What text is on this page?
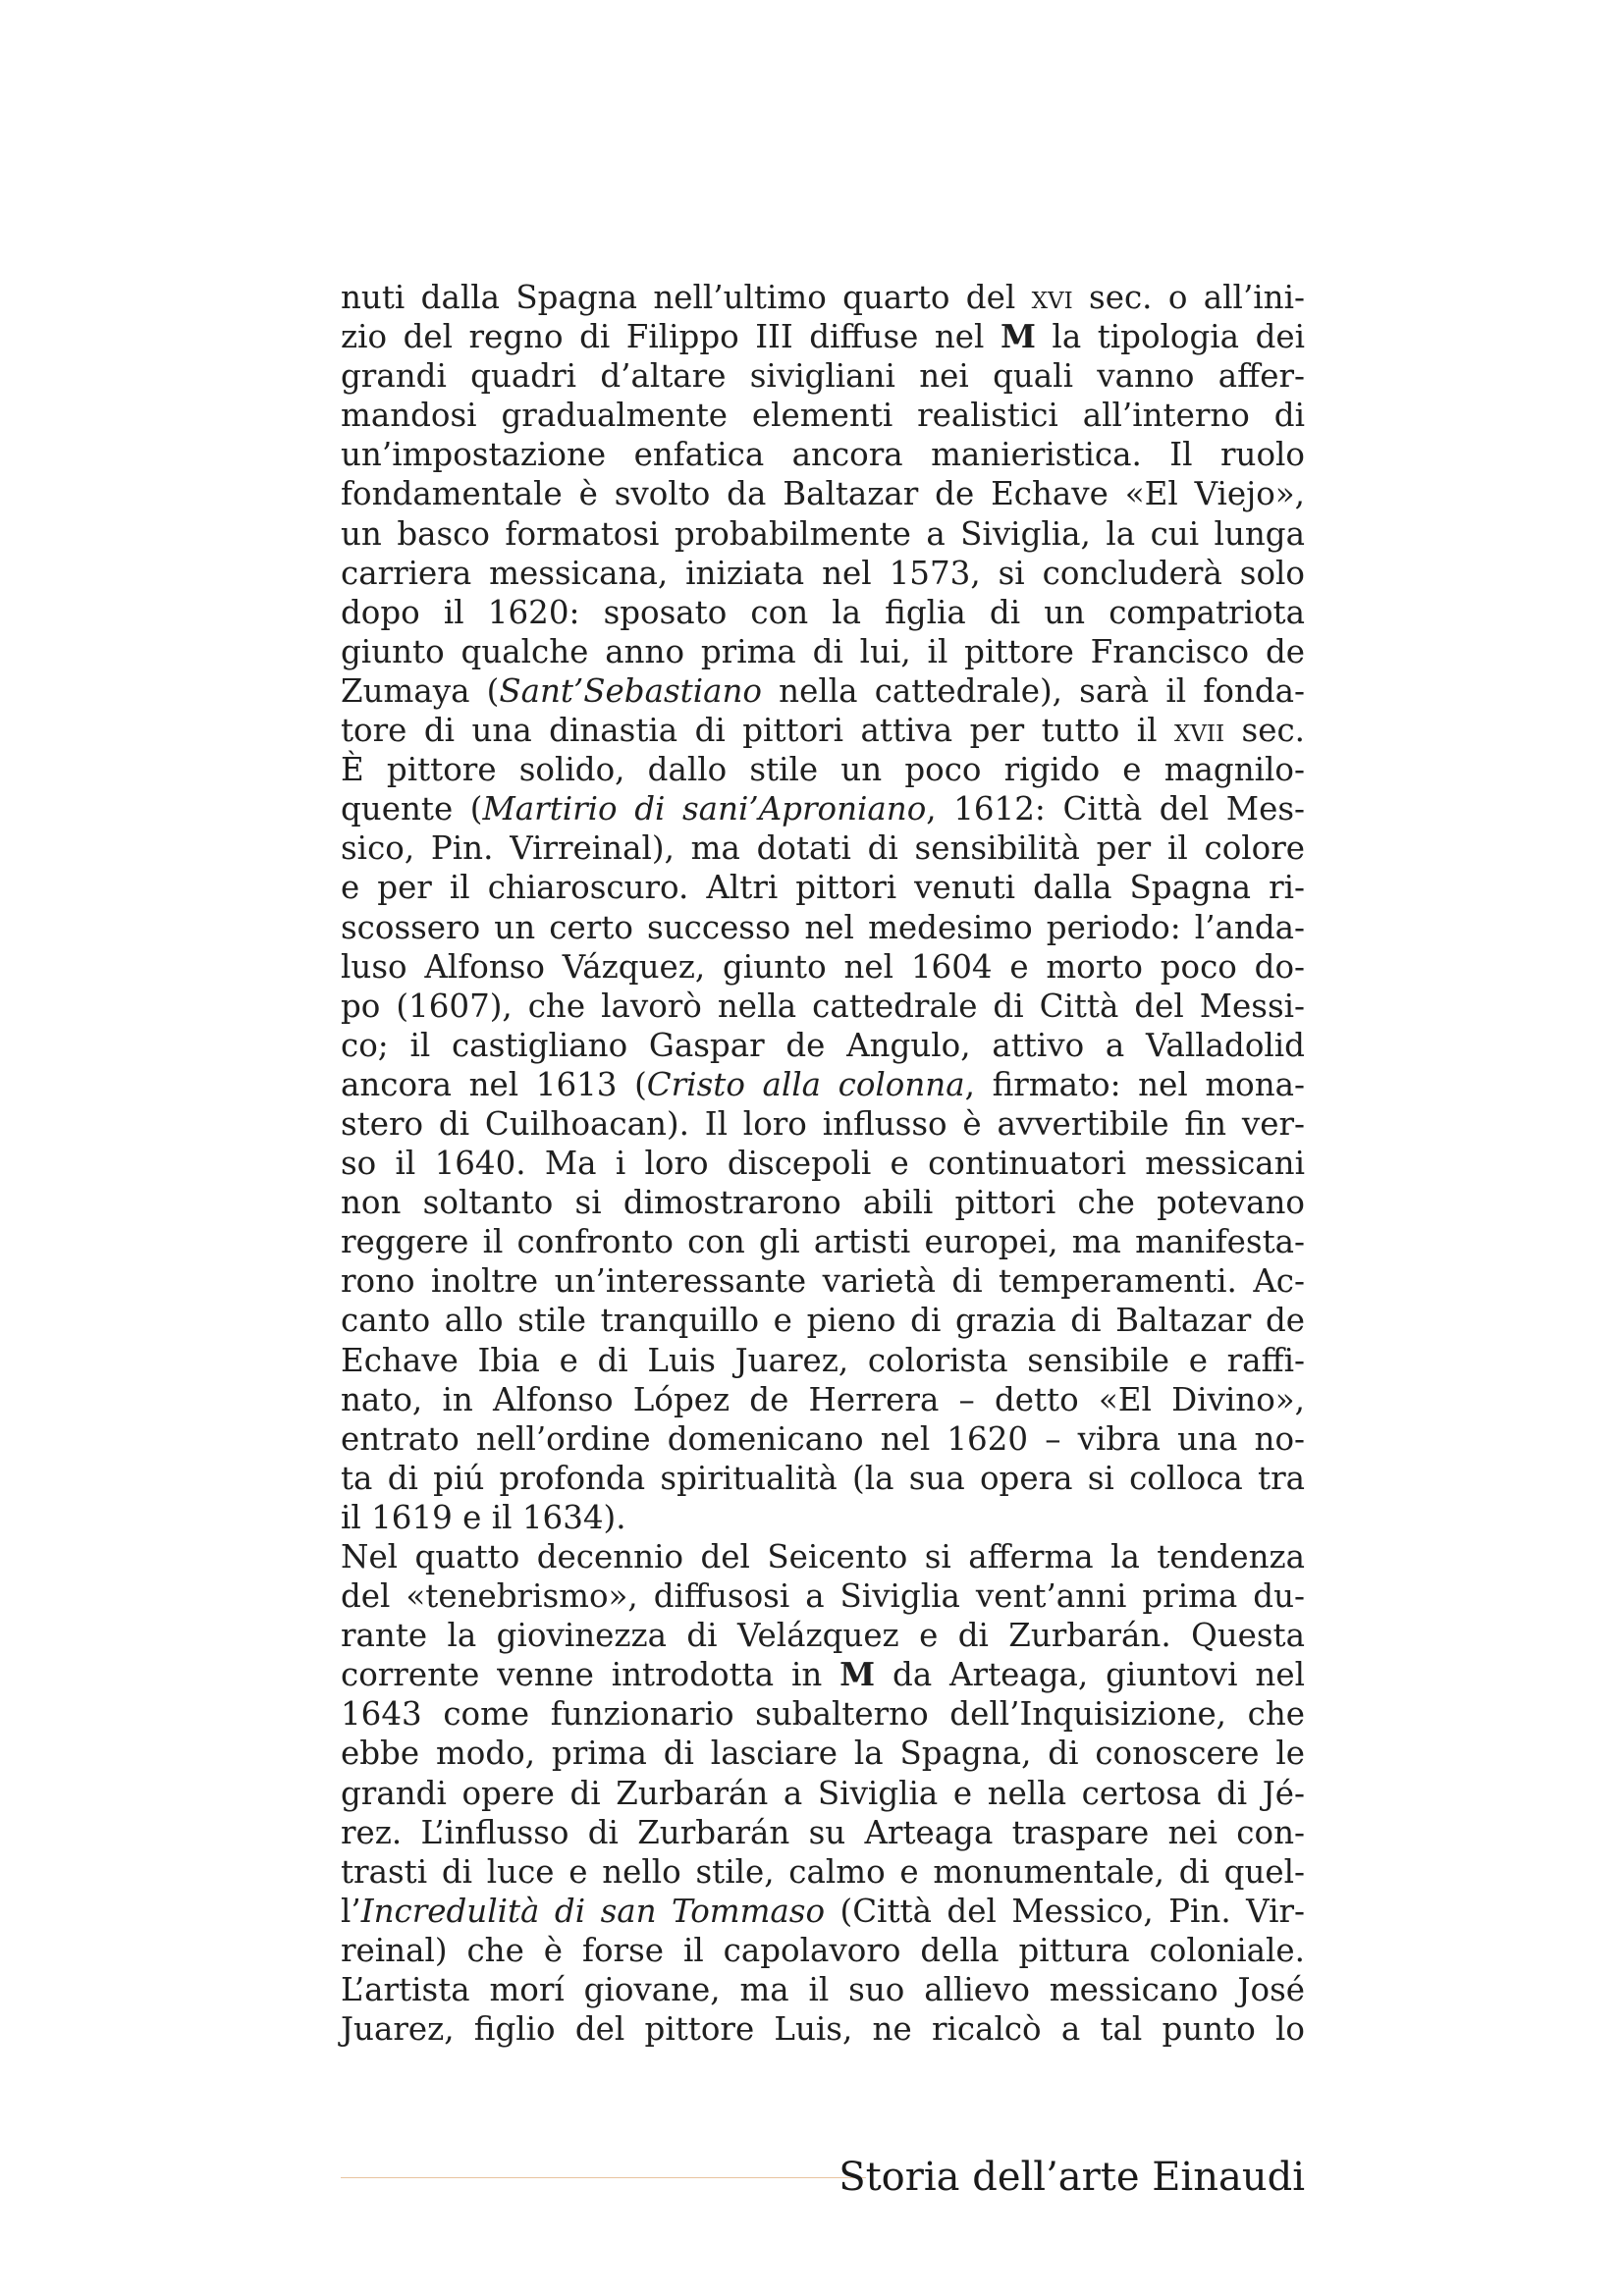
nuti dalla Spagna nell’ultimo quarto del xvi sec. o all’ini-
zio del regno di Filippo III diffuse nel M la tipologia dei
grandi quadri d’altare sivigliani nei quali vanno affer-
mandosi gradualmente elementi realistici all’interno di
un’impostazione enfatica ancora manieristica. Il ruolo
fondamentale è svolto da Baltazar de Echave «El Viejo»,
un basco formatosi probabilmente a Siviglia, la cui lunga
carriera messicana, iniziata nel 1573, si concluderà solo
dopo il 1620: sposato con la figlia di un compatriota
giunto qualche anno prima di lui, il pittore Francisco de
Zumaya (Sant’Sebastiano nella cattedrale), sarà il fonda-
tore di una dinastia di pittori attiva per tutto il xvii sec.
È pittore solido, dallo stile un poco rigido e magnilo-
quente (Martirio di sani’Aproniano, 1612: Città del Mes-
sico, Pin. Virreinal), ma dotati di sensibilità per il colore
e per il chiaroscuro. Altri pittori venuti dalla Spagna ri-
scossero un certo successo nel medesimo periodo: l’anda-
luso Alfonso Vázquez, giunto nel 1604 e morto poco do-
po (1607), che lavorò nella cattedrale di Città del Messi-
co; il castigliano Gaspar de Angulo, attivo a Valladolid
ancora nel 1613 (Cristo alla colonna, firmato: nel mona-
stero di Cuilhoacan). Il loro influsso è avvertibile fin ver-
so il 1640. Ma i loro discepoli e continuatori messicani
non soltanto si dimostrarono abili pittori che potevano
reggere il confronto con gli artisti europei, ma manifesta-
rono inoltre un’interessante varietà di temperamenti. Ac-
canto allo stile tranquillo e pieno di grazia di Baltazar de
Echave Ibia e di Luis Juarez, colorista sensibile e raffi-
nato, in Alfonso López de Herrera – detto «El Divino»,
entrato nell’ordine domenicano nel 1620 – vibra una no-
ta di piú profonda spiritualità (la sua opera si colloca tra
il 1619 e il 1634).
Nel quatto decennio del Seicento si afferma la tendenza
del «tenebrismo», diffusosi a Siviglia vent’anni prima du-
rante la giovinezza di Velázquez e di Zurbarán. Questa
corrente venne introdotta in M da Arteaga, giuntovi nel
1643 come funzionario subalterno dell’Inquisizione, che
ebbe modo, prima di lasciare la Spagna, di conoscere le
grandi opere di Zurbarán a Siviglia e nella certosa di Jé-
rez. L’influsso di Zurbarán su Arteaga traspare nei con-
trasti di luce e nello stile, calmo e monumentale, di quel-
l’Incredulità di san Tommaso (Città del Messico, Pin. Vir-
reinal) che è forse il capolavoro della pittura coloniale.
L’artista morí giovane, ma il suo allievo messicano José
Juarez, figlio del pittore Luis, ne ricalcò a tal punto lo
Storia dell’arte Einaudi
